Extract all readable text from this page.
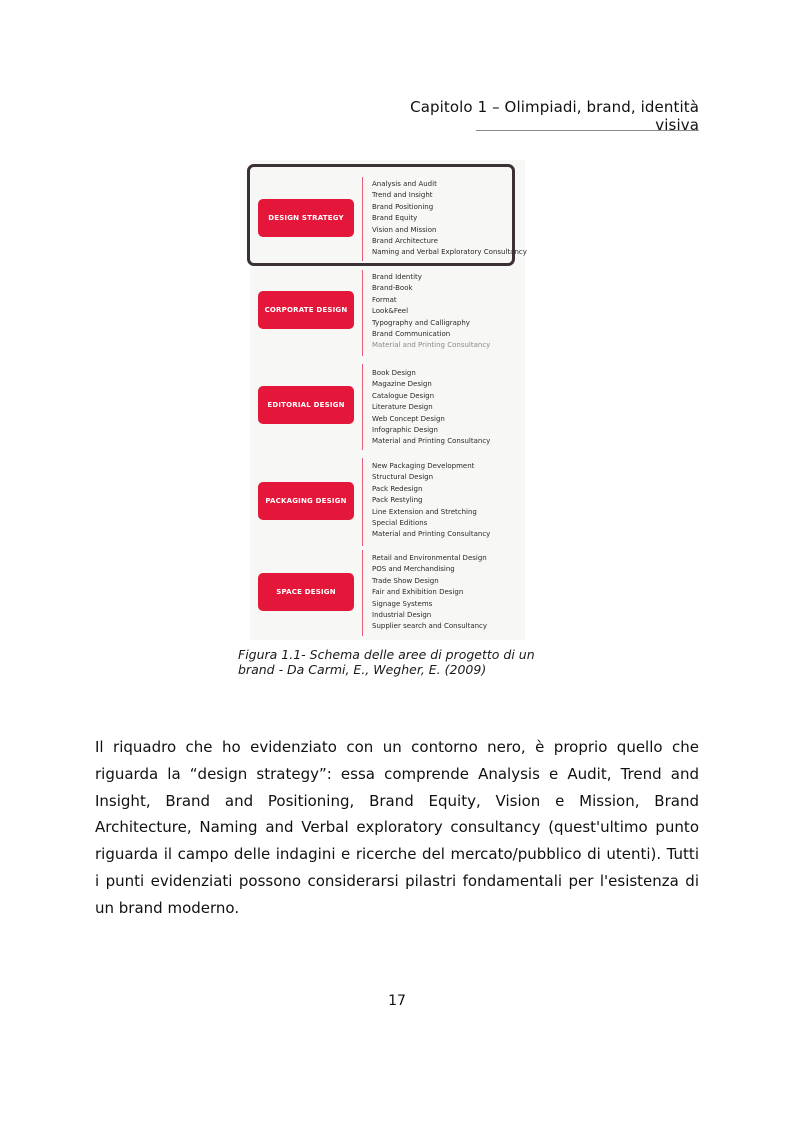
Capitolo 1 – Olimpiadi, brand, identità visiva
DESIGN STRATEGY
Analysis and Audit
Trend and Insight
Brand Positioning
Brand Equity
Vision and Mission
Brand Architecture
Naming and Verbal Exploratory Consultancy
CORPORATE DESIGN
Brand Identity
Brand-Book
Format
Look&Feel
Typography and Calligraphy
Brand Communication
Material and Printing Consultancy
EDITORIAL DESIGN
Book Design
Magazine Design
Catalogue Design
Literature Design
Web Concept Design
Infographic Design
Material and Printing Consultancy
PACKAGING DESIGN
New Packaging Development
Structural Design
Pack Redesign
Pack Restyling
Line Extension and Stretching
Special Editions
Material and Printing Consultancy
SPACE DESIGN
Retail and Environmental Design
POS and Merchandising
Trade Show Design
Fair and Exhibition Design
Signage Systems
Industrial Design
Supplier search and Consultancy
Figura 1.1- Schema delle aree di progetto di un
brand - Da Carmi, E., Wegher, E. (2009)

Il riquadro che ho evidenziato con un contorno nero, è proprio quello che riguarda la “design strategy”: essa comprende Analysis e Audit, Trend and Insight, Brand and Positioning, Brand Equity, Vision e Mission, Brand Architecture, Naming and Verbal exploratory consultancy (quest'ultimo punto riguarda il campo delle indagini e ricerche del mercato/pubblico di utenti). Tutti i punti evidenziati possono considerarsi pilastri fondamentali per l'esistenza di un brand moderno.

17
